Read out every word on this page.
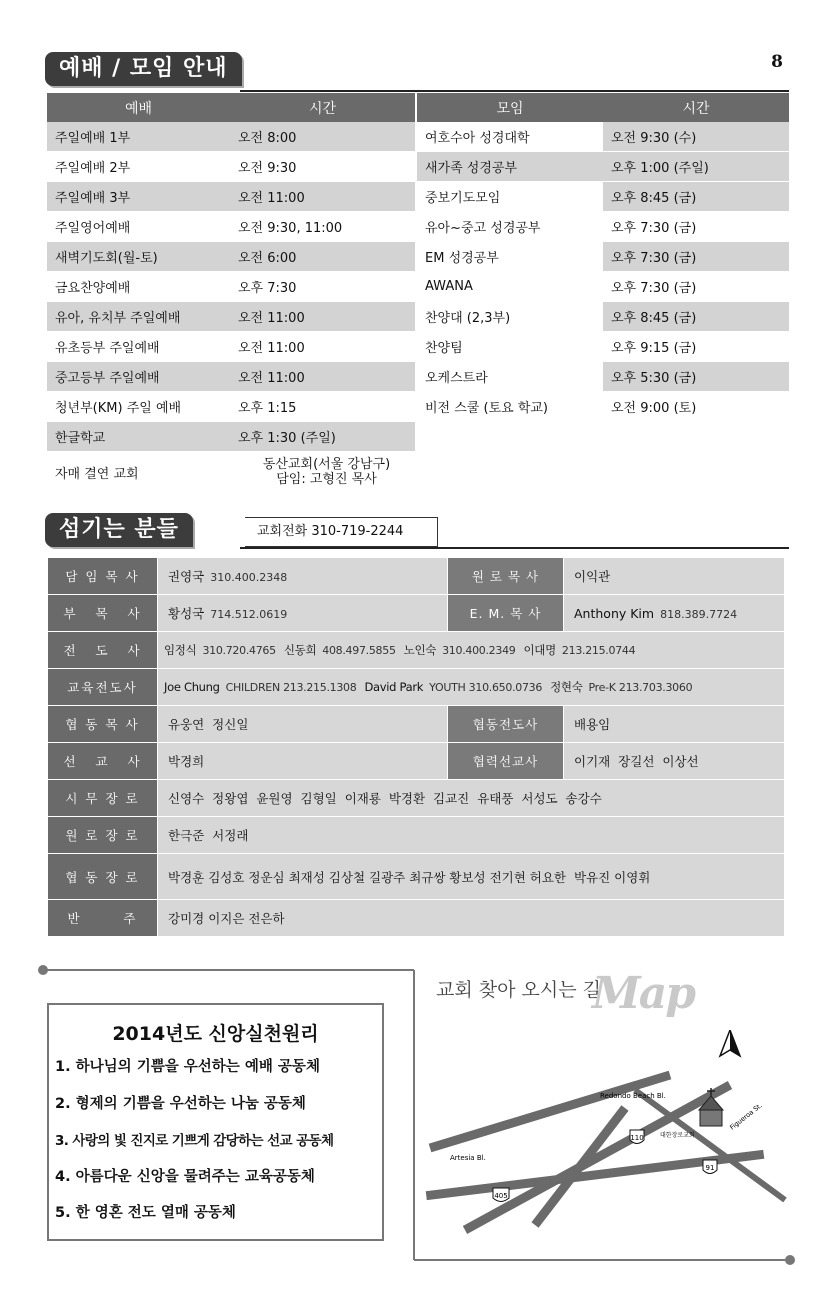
8
예배 / 모임 안내
예배	시간		모임	시간
주일예배 1부	오전 8:00		여호수아 성경대학	오전 9:30 (수)
주일예배 2부	오전 9:30		새가족 성경공부	오후 1:00 (주일)
주일예배 3부	오전 11:00		중보기도모임	오후 8:45 (금)
주일영어예배	오전 9:30, 11:00		유아~중고 성경공부	오후 7:30 (금)
새벽기도회(월-토)	오전 6:00		EM 성경공부	오후 7:30 (금)
금요찬양예배	오후 7:30		AWANA	오후 7:30 (금)
유아, 유치부 주일예배	오전 11:00		찬양대 (2,3부)	오후 8:45 (금)
유초등부 주일예배	오전 11:00		찬양팀	오후 9:15 (금)
중고등부 주일예배	오전 11:00		오케스트라	오후 5:30 (금)
청년부(KM) 주일 예배	오후 1:15		비전 스쿨 (토요 학교)	오전 9:00 (토)
한글학교	오후 1:30 (주일)			
자매 결연 교회	동산교회(서울 강남구)
담임: 고형진 목사			

섬기는 분들	교회전화 310-719-2244
담 임 목 사	권영국 310.400.2348	원 로 목 사	이익관
부   목   사	황성국 714.512.0619	E. M. 목 사	Anthony Kim 818.389.7724
전   도   사	임정식 310.720.4765 신동희 408.497.5855 노인숙 310.400.2349 이대명 213.215.0744		
교육전도사	Joe Chung CHILDREN 213.215.1308 David Park YOUTH 310.650.0736 정현숙 Pre-K 213.703.3060		
협 동 목 사	유웅연  정신일	협동전도사	배용임
선   교   사	박경희	협력선교사	이기재  장길선  이상선
시 무 장 로	신영수  정왕엽  윤원영  김형일  이재룡  박경환  김교진  유태풍  서성도  송강수		
원 로 장 로	한극준  서정래		
협 동 장 로	박경훈 김성호 정운심 최재성 김상철 길광주 최규쌍 황보성 전기현 허요한  박유진 이영휘		
반       주	강미경 이지은 전은하		
2014년도 신앙실천원리
1. 하나님의 기쁨을 우선하는 예배 공동체
2. 형제의 기쁨을 우선하는 나눔 공동체
3. 사랑의 빛 진지로 기쁘게 감당하는 선교 공동체
4. 아름다운 신앙을 물려주는 교육공동체
5. 한 영혼 전도 열매 공동체
교회 찾아 오시는 길
Map
110
405
91
Redondo Beach Bl.
Artesia Bl.
대한장로교회
Figueroa St.
